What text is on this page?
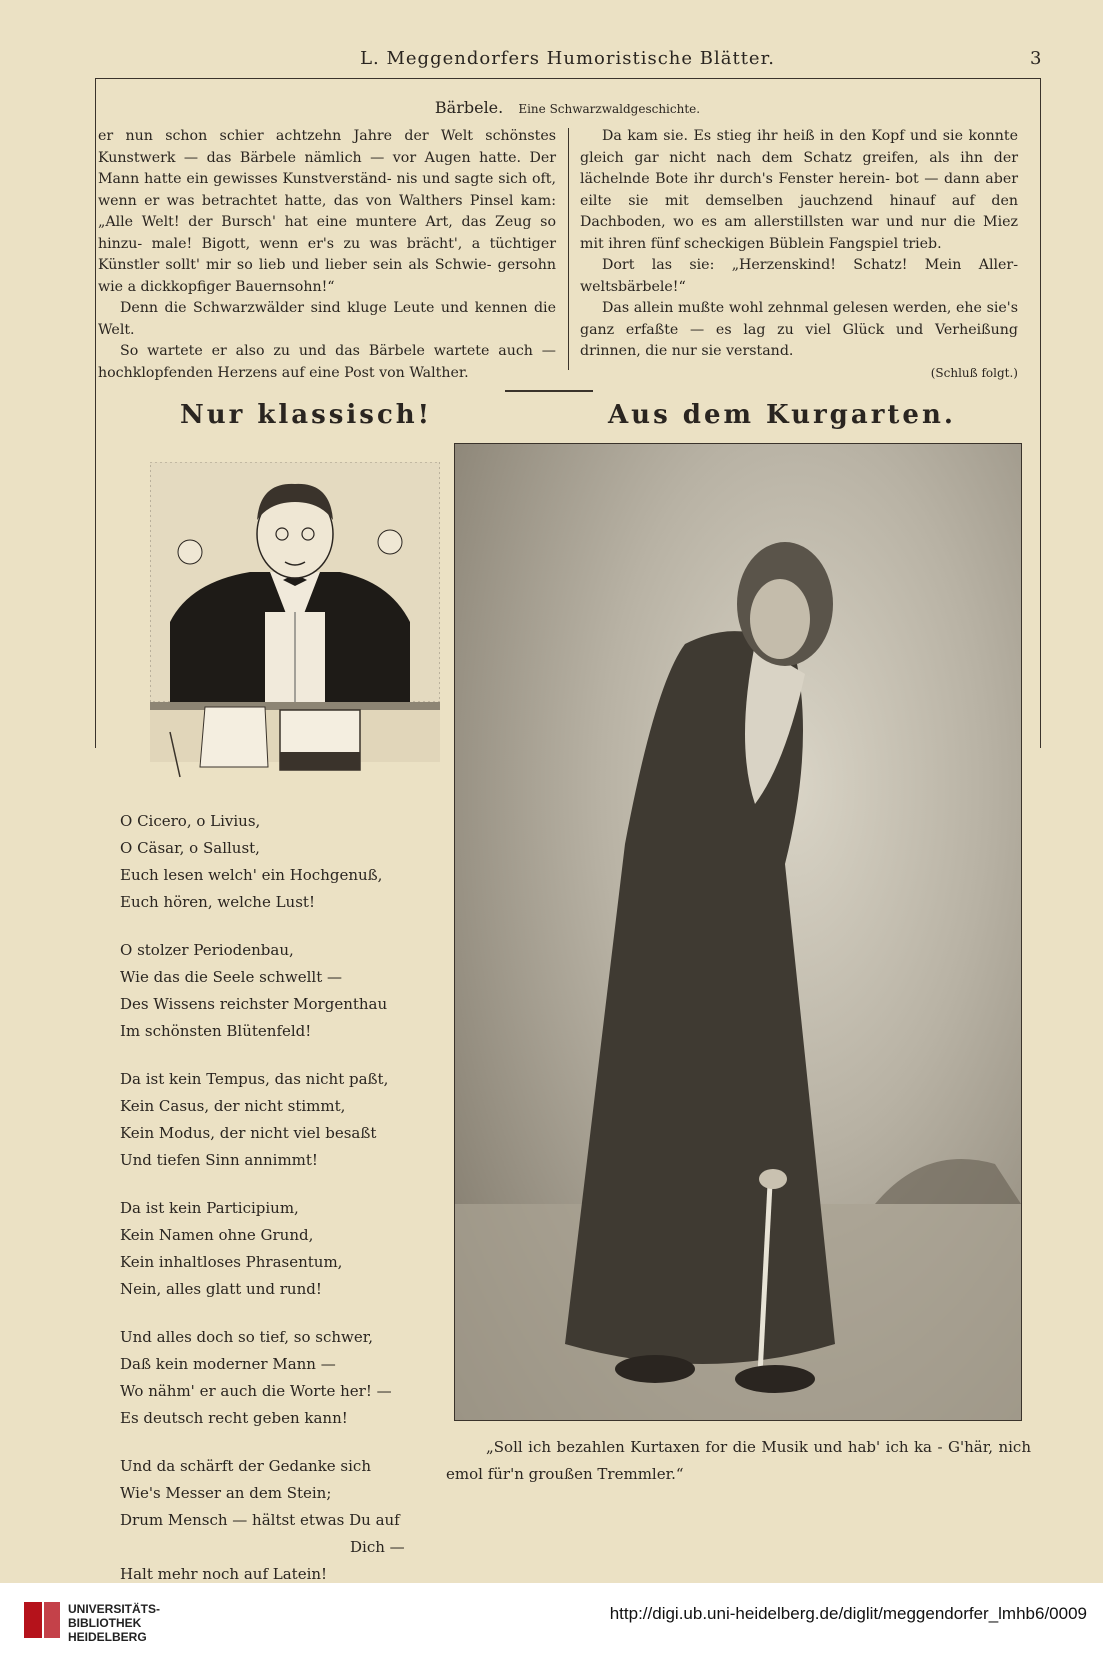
L. Meggendorfers Humoristische Blätter.	3
Bärbele. Eine Schwarzwaldgeschichte.

er nun schon schier achtzehn Jahre der Welt schönstes Kunstwerk — das Bärbele nämlich — vor Augen hatte. Der Mann hatte ein gewisses Kunstverständ- nis und sagte sich oft, wenn er was betrachtet hatte, das von Walthers Pinsel kam: „Alle Welt! der Bursch' hat eine muntere Art, das Zeug so hinzu- male! Bigott, wenn er's zu was brächt', a tüchtiger Künstler sollt' mir so lieb und lieber sein als Schwie- gersohn wie a dickkopfiger Bauernsohn!“

Denn die Schwarzwälder sind kluge Leute und kennen die Welt.

So wartete er also zu und das Bärbele wartete auch — hochklopfenden Herzens auf eine Post von Walther.

Da kam sie. Es stieg ihr heiß in den Kopf und sie konnte gleich gar nicht nach dem Schatz greifen, als ihn der lächelnde Bote ihr durch's Fenster herein- bot — dann aber eilte sie mit demselben jauchzend hinauf auf den Dachboden, wo es am allerstillsten war und nur die Miez mit ihren fünf scheckigen Büblein Fangspiel trieb.

Dort las sie: „Herzenskind! Schatz! Mein Aller- weltsbärbele!“

Das allein mußte wohl zehnmal gelesen werden, ehe sie's ganz erfaßte — es lag zu viel Glück und Verheißung drinnen, die nur sie verstand.

(Schluß folgt.)

Nur klassisch!

O Cicero, o Livius,
O Cäsar, o Sallust,
Euch lesen welch' ein Hochgenuß,
Euch hören, welche Lust!

O stolzer Periodenbau,
Wie das die Seele schwellt —
Des Wissens reichster Morgenthau
Im schönsten Blütenfeld!

Da ist kein Tempus, das nicht paßt,
Kein Casus, der nicht stimmt,
Kein Modus, der nicht viel besaßt
Und tiefen Sinn annimmt!

Da ist kein Participium,
Kein Namen ohne Grund,
Kein inhaltloses Phrasentum,
Nein, alles glatt und rund!

Und alles doch so tief, so schwer,
Daß kein moderner Mann —
Wo nähm' er auch die Worte her! —
Es deutsch recht geben kann!

Und da schärft der Gedanke sich
Wie's Messer an dem Stein;
Drum Mensch — hältst etwas Du auf
Dich —
Halt mehr noch auf Latein!

Aus dem Kurgarten.
„Soll ich bezahlen Kurtaxen for die Musik und hab' ich ka - G'här, nich emol für'n groußen Tremmler.“
UNIVERSITÄTS- BIBLIOTHEK HEIDELBERG
http://digi.ub.uni-heidelberg.de/diglit/meggendorfer_lmhb6/0009
